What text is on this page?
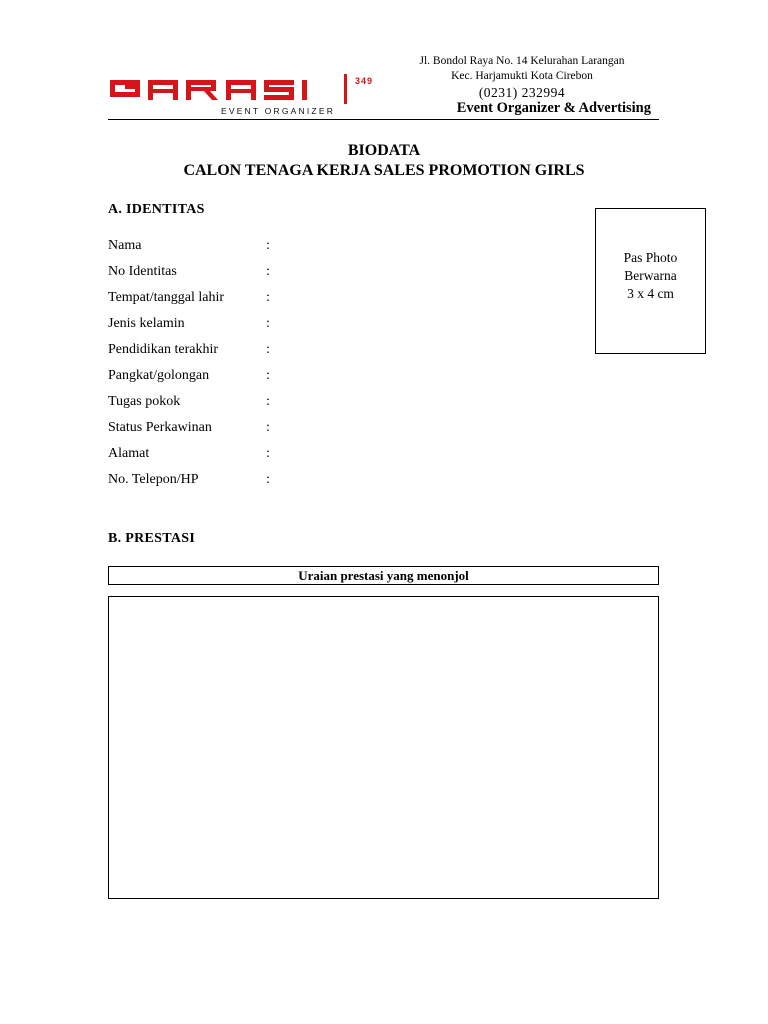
349
EVENT ORGANIZER
Jl. Bondol Raya No. 14 Kelurahan Larangan
Kec. Harjamukti Kota Cirebon
(0231) 232994
Event Organizer & Advertising
BIODATA
CALON TENAGA KERJA SALES PROMOTION GIRLS
A. IDENTITAS
Nama	:
No Identitas	:
Tempat/tanggal lahir	:
Jenis kelamin	:
Pendidikan terakhir	:
Pangkat/golongan	:
Tugas pokok	:
Status Perkawinan	:
Alamat	:
No. Telepon/HP	:
Pas Photo
Berwarna
3 x 4 cm
B. PRESTASI
Uraian prestasi yang menonjol
